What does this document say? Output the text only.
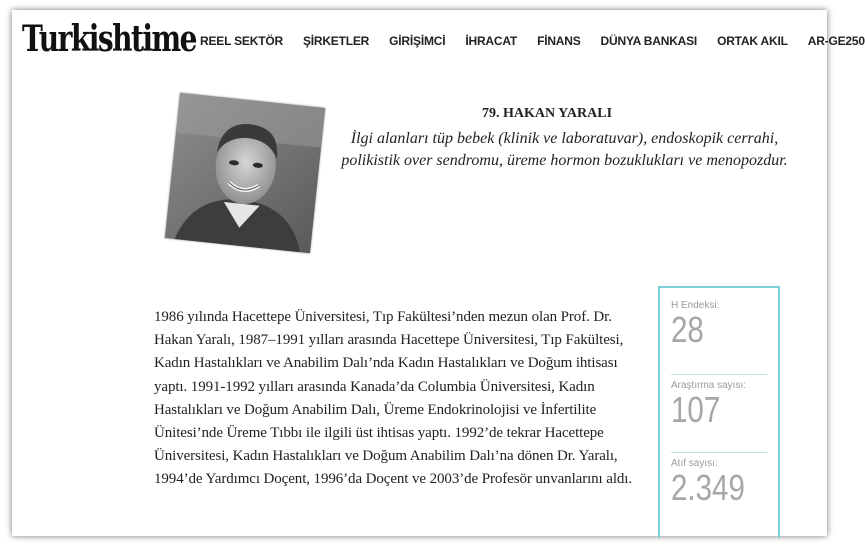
Turkishtime REEL SEKTÖR ŞİRKETLER GİRİŞİMCİ İHRACAT FİNANS DÜNYA BANKASI ORTAK AKIL AR-GE250
79. HAKAN YARALI
İlgi alanları tüp bebek (klinik ve laboratuvar), endoskopik cerrahi, polikistik over sendromu, üreme hormon bozuklukları ve menopozdur.
1986 yılında Hacettepe Üniversitesi, Tıp Fakültesi’nden mezun olan Prof. Dr. Hakan Yaralı, 1987–1991 yılları arasında Hacettepe Üniversitesi, Tıp Fakültesi, Kadın Hastalıkları ve Anabilim Dalı’nda Kadın Hastalıkları ve Doğum ihtisası yaptı. 1991-1992 yılları arasında Kanada’da Columbia Üniversitesi, Kadın Hastalıkları ve Doğum Anabilim Dalı, Üreme Endokrinolojisi ve İnfertilite Ünitesi’nde Üreme Tıbbı ile ilgili üst ihtisas yaptı. 1992’de tekrar Hacettepe Üniversitesi, Kadın Hastalıkları ve Doğum Anabilim Dalı’na dönen Dr. Yaralı, 1994’de Yardımcı Doçent, 1996’da Doçent ve 2003’de Profesör unvanlarını aldı.
H Endeksi:
28
Araştırma sayısı:
107
Atıf sayısı:
2.349
